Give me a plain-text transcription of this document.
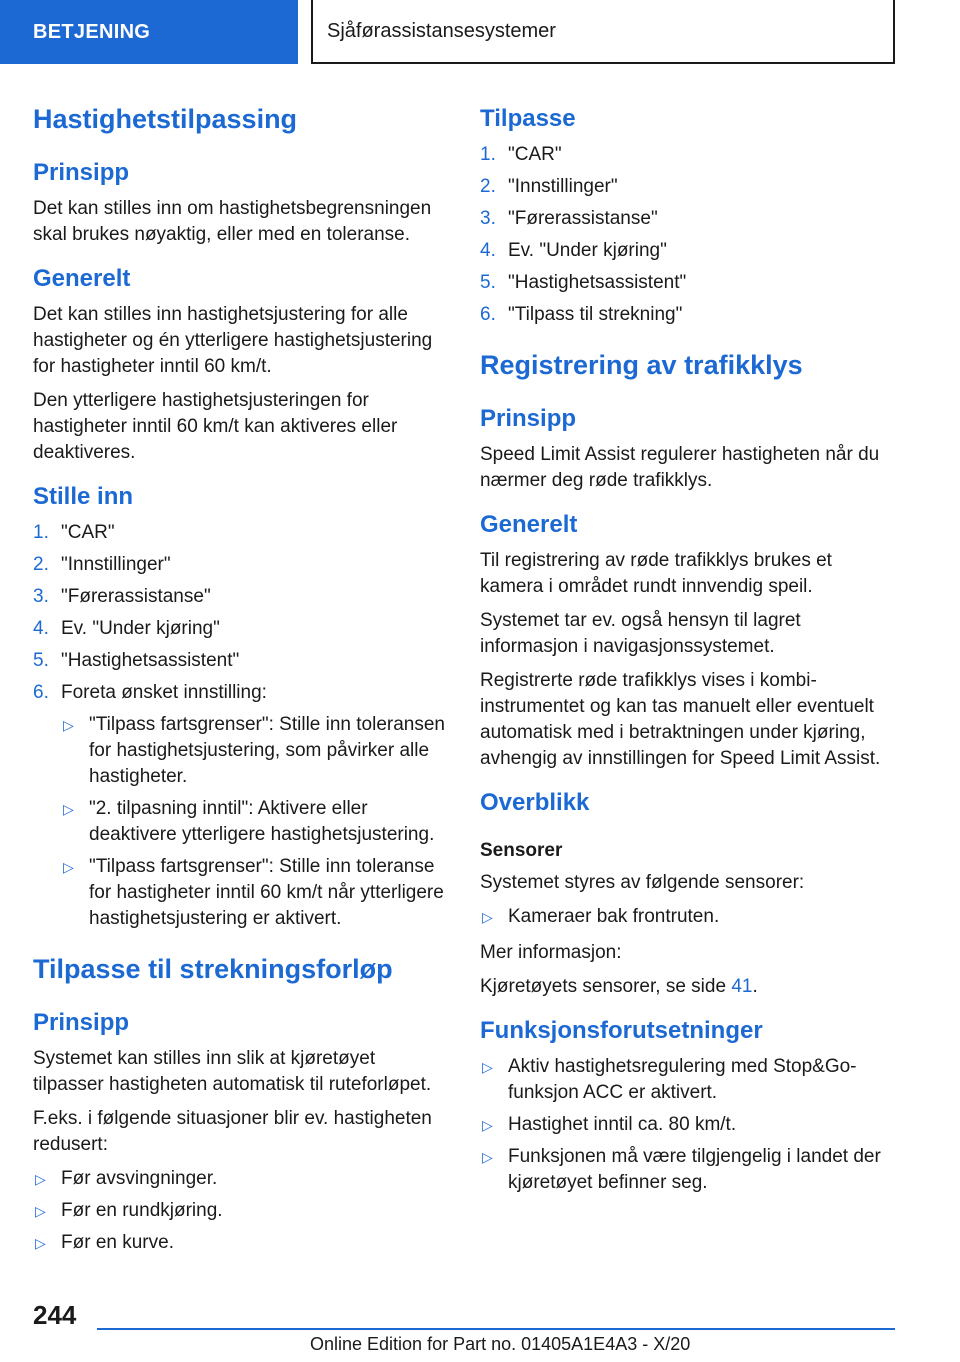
BETJENING	Sjåførassistansesystemer
Hastighetstilpassing
Prinsipp

Det kan stilles inn om hastighetsbegrensningen skal brukes nøyaktig, eller med en toleranse.

Generelt

Det kan stilles inn hastighetsjustering for alle hastigheter og én ytterligere hastighetsjustering for hastigheter inntil 60 km/t.

Den ytterligere hastighetsjusteringen for hastigheter inntil 60 km/t kan aktiveres eller deaktiveres.

Stille inn
1. "CAR"
2. "Innstillinger"
3. "Førerassistanse"
4. Ev. "Under kjøring"
5. "Hastighetsassistent"
6. Foreta ønsket innstilling:
▷ "Tilpass fartsgrenser": Stille inn toleransen for hastighetsjustering, som påvirker alle hastigheter.
▷ "2. tilpasning inntil": Aktivere eller deaktivere ytterligere hastighetsjustering.
▷ "Tilpass fartsgrenser": Stille inn toleranse for hastigheter inntil 60 km/t når ytterligere hastighetsjustering er aktivert.
Tilpasse til strekningsforløp
Prinsipp

Systemet kan stilles inn slik at kjøretøyet tilpasser hastigheten automatisk til ruteforløpet.

F.eks. i følgende situasjoner blir ev. hastigheten redusert:

▷ Før avsvingninger.
▷ Før en rundkjøring.
▷ Før en kurve.
Tilpasse
1. "CAR"
2. "Innstillinger"
3. "Førerassistanse"
4. Ev. "Under kjøring"
5. "Hastighetsassistent"
6. "Tilpass til strekning"
Registrering av trafikklys
Prinsipp

Speed Limit Assist regulerer hastigheten når du nærmer deg røde trafikklys.

Generelt

Til registrering av røde trafikklys brukes et kamera i området rundt innvendig speil.

Systemet tar ev. også hensyn til lagret informasjon i navigasjonssystemet.

Registrerte røde trafikklys vises i kombi-instrumentet og kan tas manuelt eller eventuelt automatisk med i betraktningen under kjøring, avhengig av innstillingen for Speed Limit Assist.

Overblikk
Sensorer

Systemet styres av følgende sensorer:

▷ Kameraer bak frontruten.

Mer informasjon:

Kjøretøyets sensorer, se side 41.

Funksjonsforutsetninger
▷ Aktiv hastighetsregulering med Stop&Go-funksjon ACC er aktivert.
▷ Hastighet inntil ca. 80 km/t.
▷ Funksjonen må være tilgjengelig i landet der kjøretøyet befinner seg.
244
Online Edition for Part no. 01405A1E4A3 - X/20
